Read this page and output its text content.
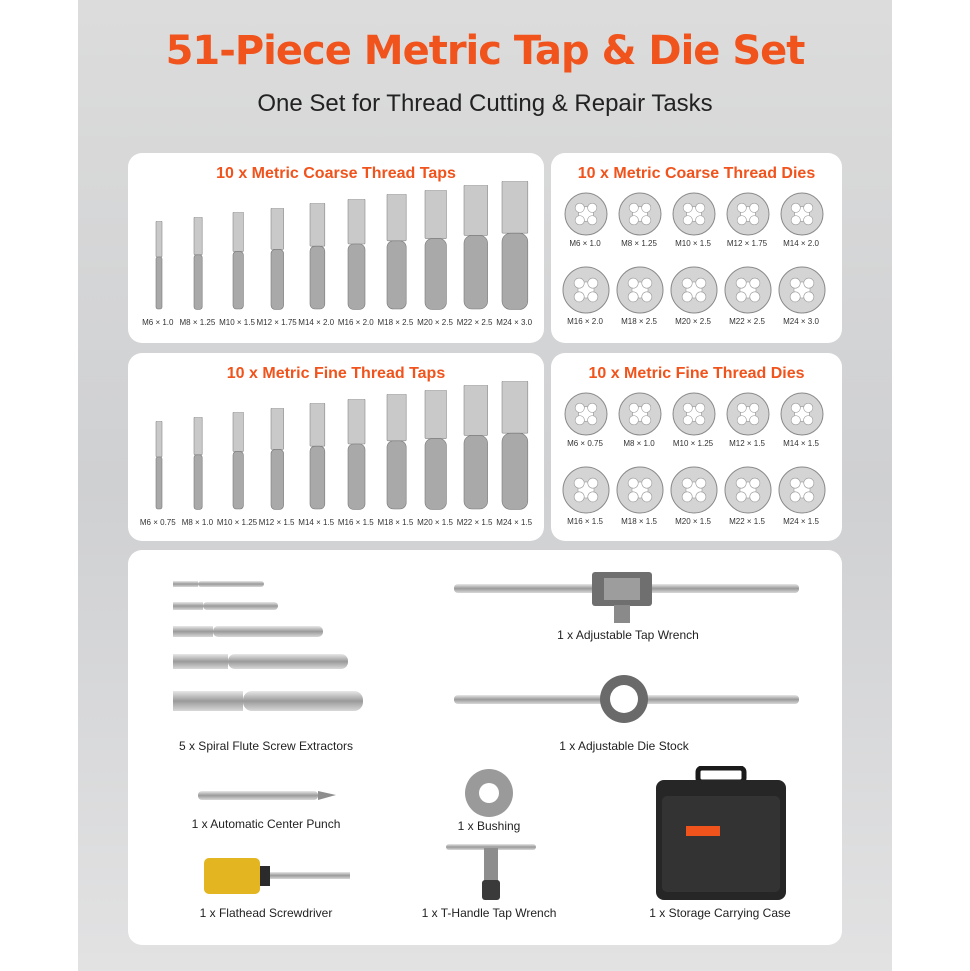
51-Piece Metric Tap & Die Set
One Set for Thread Cutting & Repair Tasks
10 x Metric Coarse Thread Taps
M6 × 1.0 M8 × 1.25 M10 × 1.5 M12 × 1.75 M14 × 2.0 M16 × 2.0 M18 × 2.5 M20 × 2.5 M22 × 2.5 M24 × 3.0
10 x Metric Coarse Thread Dies
M6 × 1.0	M8 × 1.25	M10 × 1.5	M12 × 1.75	M14 × 2.0
M16 × 2.0	M18 × 2.5	M20 × 2.5	M22 × 2.5	M24 × 3.0
10 x Metric Fine Thread Taps
M6 × 0.75 M8 × 1.0 M10 × 1.25 M12 × 1.5 M14 × 1.5 M16 × 1.5 M18 × 1.5 M20 × 1.5 M22 × 1.5 M24 × 1.5
10 x Metric Fine Thread Dies
M6 × 0.75	M8 × 1.0	M10 × 1.25	M12 × 1.5	M14 × 1.5
M16 × 1.5	M18 × 1.5	M20 × 1.5	M22 × 1.5	M24 × 1.5
5 x Spiral Flute Screw Extractors
1 x Adjustable Tap Wrench
1 x Adjustable Die Stock
1 x Automatic Center Punch	1 x Bushing
1 x Storage Carrying Case
1 x Flathead Screwdriver	1 x T-Handle Tap Wrench
